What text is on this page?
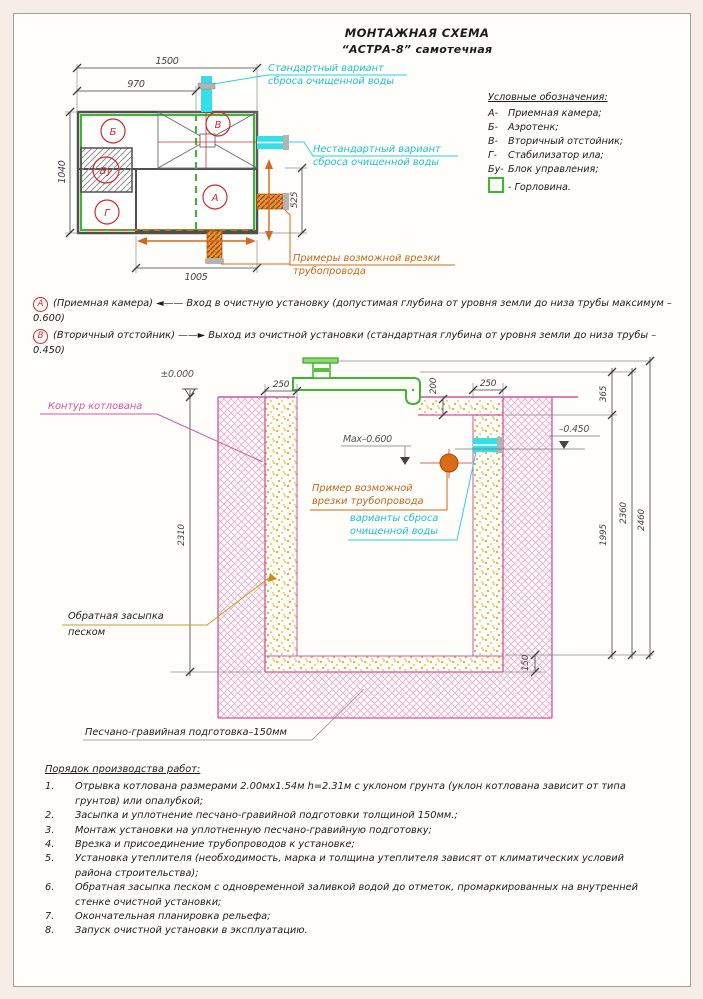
Б
В
Бу
Г
А
1500
970
1040
525
1005
±0.000
Max–0.600
–0.450
250	250
200	365
1995
2360 2460
150
2310
МОНТАЖНАЯ СХЕМА
“АСТРА-8” самотечная
Условные обозначения:
А- Приемная камера;
Б- Аэротенк;
В- Вторичный отстойник;
Г- Стабилизатор ила;
Бу- Блок управления;
- Горловина.
Стандартный вариант
сброса очищенной воды
Нестандартный вариант
сброса очищенной воды
Примеры возможной врезки
трубопровода
А (Приемная камера) ◄—— Вход в очистную установку (допустимая глубина от уровня земли до низа трубы максимум –0.600)
В (Вторичный отстойник) ——► Выход из очистной установки (стандартная глубина от уровня земли до низа трубы –0.450)
Контур котлована
Обратная засыпка
песком
Пример возможной
врезки трубопровода
варианты сброса
очищенной воды
Песчано-гравийная подготовка–150мм
Порядок производства работ:
1.	Отрывка котлована размерами 2.00мх1.54м h=2.31м с уклоном грунта (уклон котлована зависит от типа грунтов) или опалубкой;
2.	Засыпка и уплотнение песчано-гравийной подготовки толщиной 150мм.;
3.	Монтаж установки на уплотненную песчано-гравийную подготовку;
4.	Врезка и присоединение трубопроводов к установке;
5.	Установка утеплителя (необходимость, марка и толщина утеплителя зависят от климатических условий района строительства);
6.	Обратная засыпка песком с одновременной заливкой водой до отметок, промаркированных на внутренней стенке очистной установки;
7.	Окончательная планировка рельефа;
8.	Запуск очистной установки в эксплуатацию.
